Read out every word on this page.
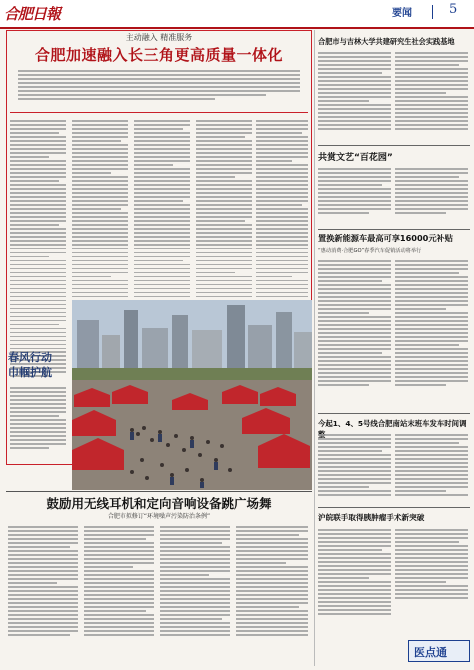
合肥日報	要闻	5
主动融入 精准服务
合肥加速融入长三角更高质量一体化
春风行动
巾帼护航
鼓励用无线耳机和定向音响设备跳广场舞
合肥市拟修订“环境噪声污染防治条例”
合肥市与吉林大学共建研究生社会实践基地
共赏文艺“百花园”
置换新能源车最高可享16000元补贴
“惠动消费·合肥GO”春季汽车促销活动将举行
今起1、4、5号线合肥南站末班车发车时间调
沪皖联手取得胰肿瘤手术新突破
医点通
